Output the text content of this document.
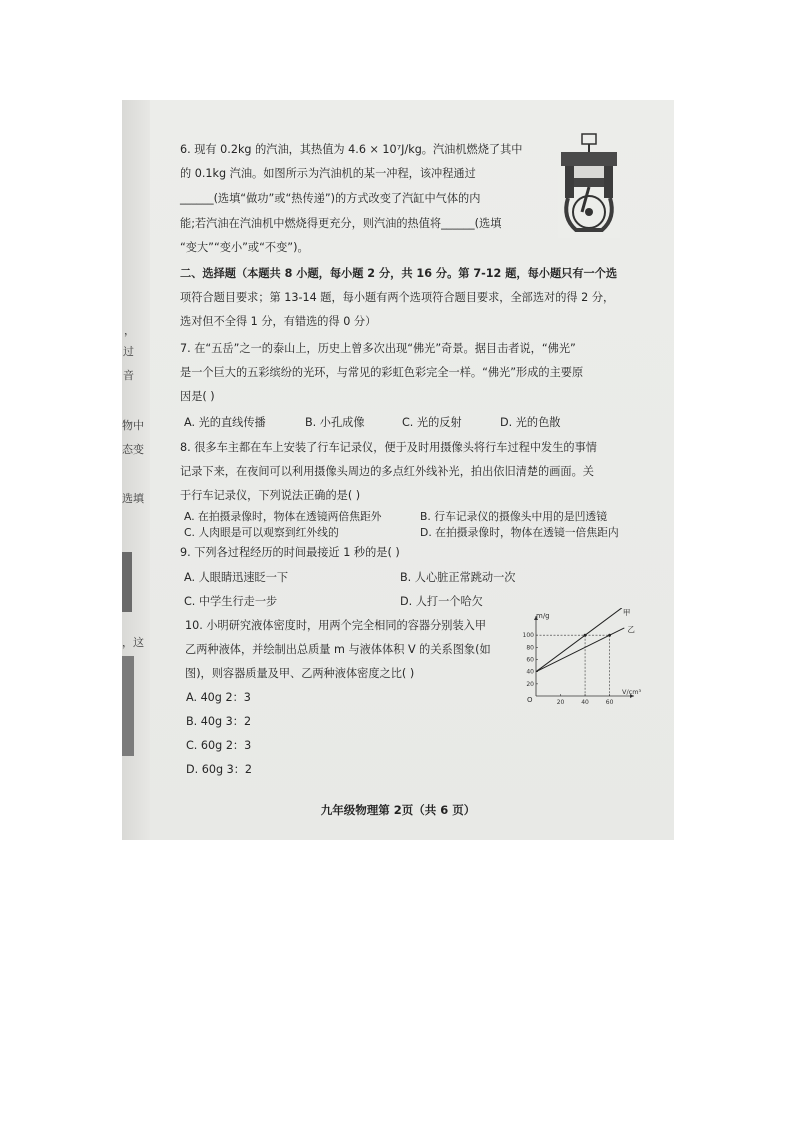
，
过
音
物中
态变
选填
，这
6. 现有 0.2kg 的汽油，其热值为 4.6 × 10⁷J/kg。汽油机燃烧了其中
的 0.1kg 汽油。如图所示为汽油机的某一冲程，该冲程通过
______(选填“做功”或“热传递”)的方式改变了汽缸中气体的内
能;若汽油在汽油机中燃烧得更充分，则汽油的热值将______(选填
“变大”“变小”或“不变”)。
二、选择题（本题共 8 小题，每小题 2 分，共 16 分。第 7-12 题，每小题只有一个选
项符合题目要求；第 13-14 题，每小题有两个选项符合题目要求，全部选对的得 2 分，
选对但不全得 1 分，有错选的得 0 分）
7. 在“五岳”之一的泰山上，历史上曾多次出现“佛光”奇景。据目击者说，“佛光”
是一个巨大的五彩缤纷的光环，与常见的彩虹色彩完全一样。“佛光”形成的主要原
因是( )
A. 光的直线传播	B. 小孔成像	C. 光的反射	D. 光的色散
8. 很多车主都在车上安装了行车记录仪，便于及时用摄像头将行车过程中发生的事情
记录下来，在夜间可以利用摄像头周边的多点红外线补光，拍出依旧清楚的画面。关
于行车记录仪，下列说法正确的是( )
A. 在拍摄录像时，物体在透镜两倍焦距外	B. 行车记录仪的摄像头中用的是凹透镜
C. 人肉眼是可以观察到红外线的	D. 在拍摄录像时，物体在透镜一倍焦距内
9. 下列各过程经历的时间最接近 1 秒的是( )
A. 人眼睛迅速眨一下	B. 人心脏正常跳动一次
C. 中学生行走一步	D. 人打一个哈欠
10. 小明研究液体密度时，用两个完全相同的容器分别装入甲
乙两种液体，并绘制出总质量 m 与液体体积 V 的关系图象(如
图)，则容器质量及甲、乙两种液体密度之比( )
A. 40g 2：3
B. 40g 3：2
C. 60g 2：3
D. 60g 3：2
20
40
60
80
100
20	40	60
甲
乙
m/g
V/cm³
O
九年级物理第 2页（共 6 页）
